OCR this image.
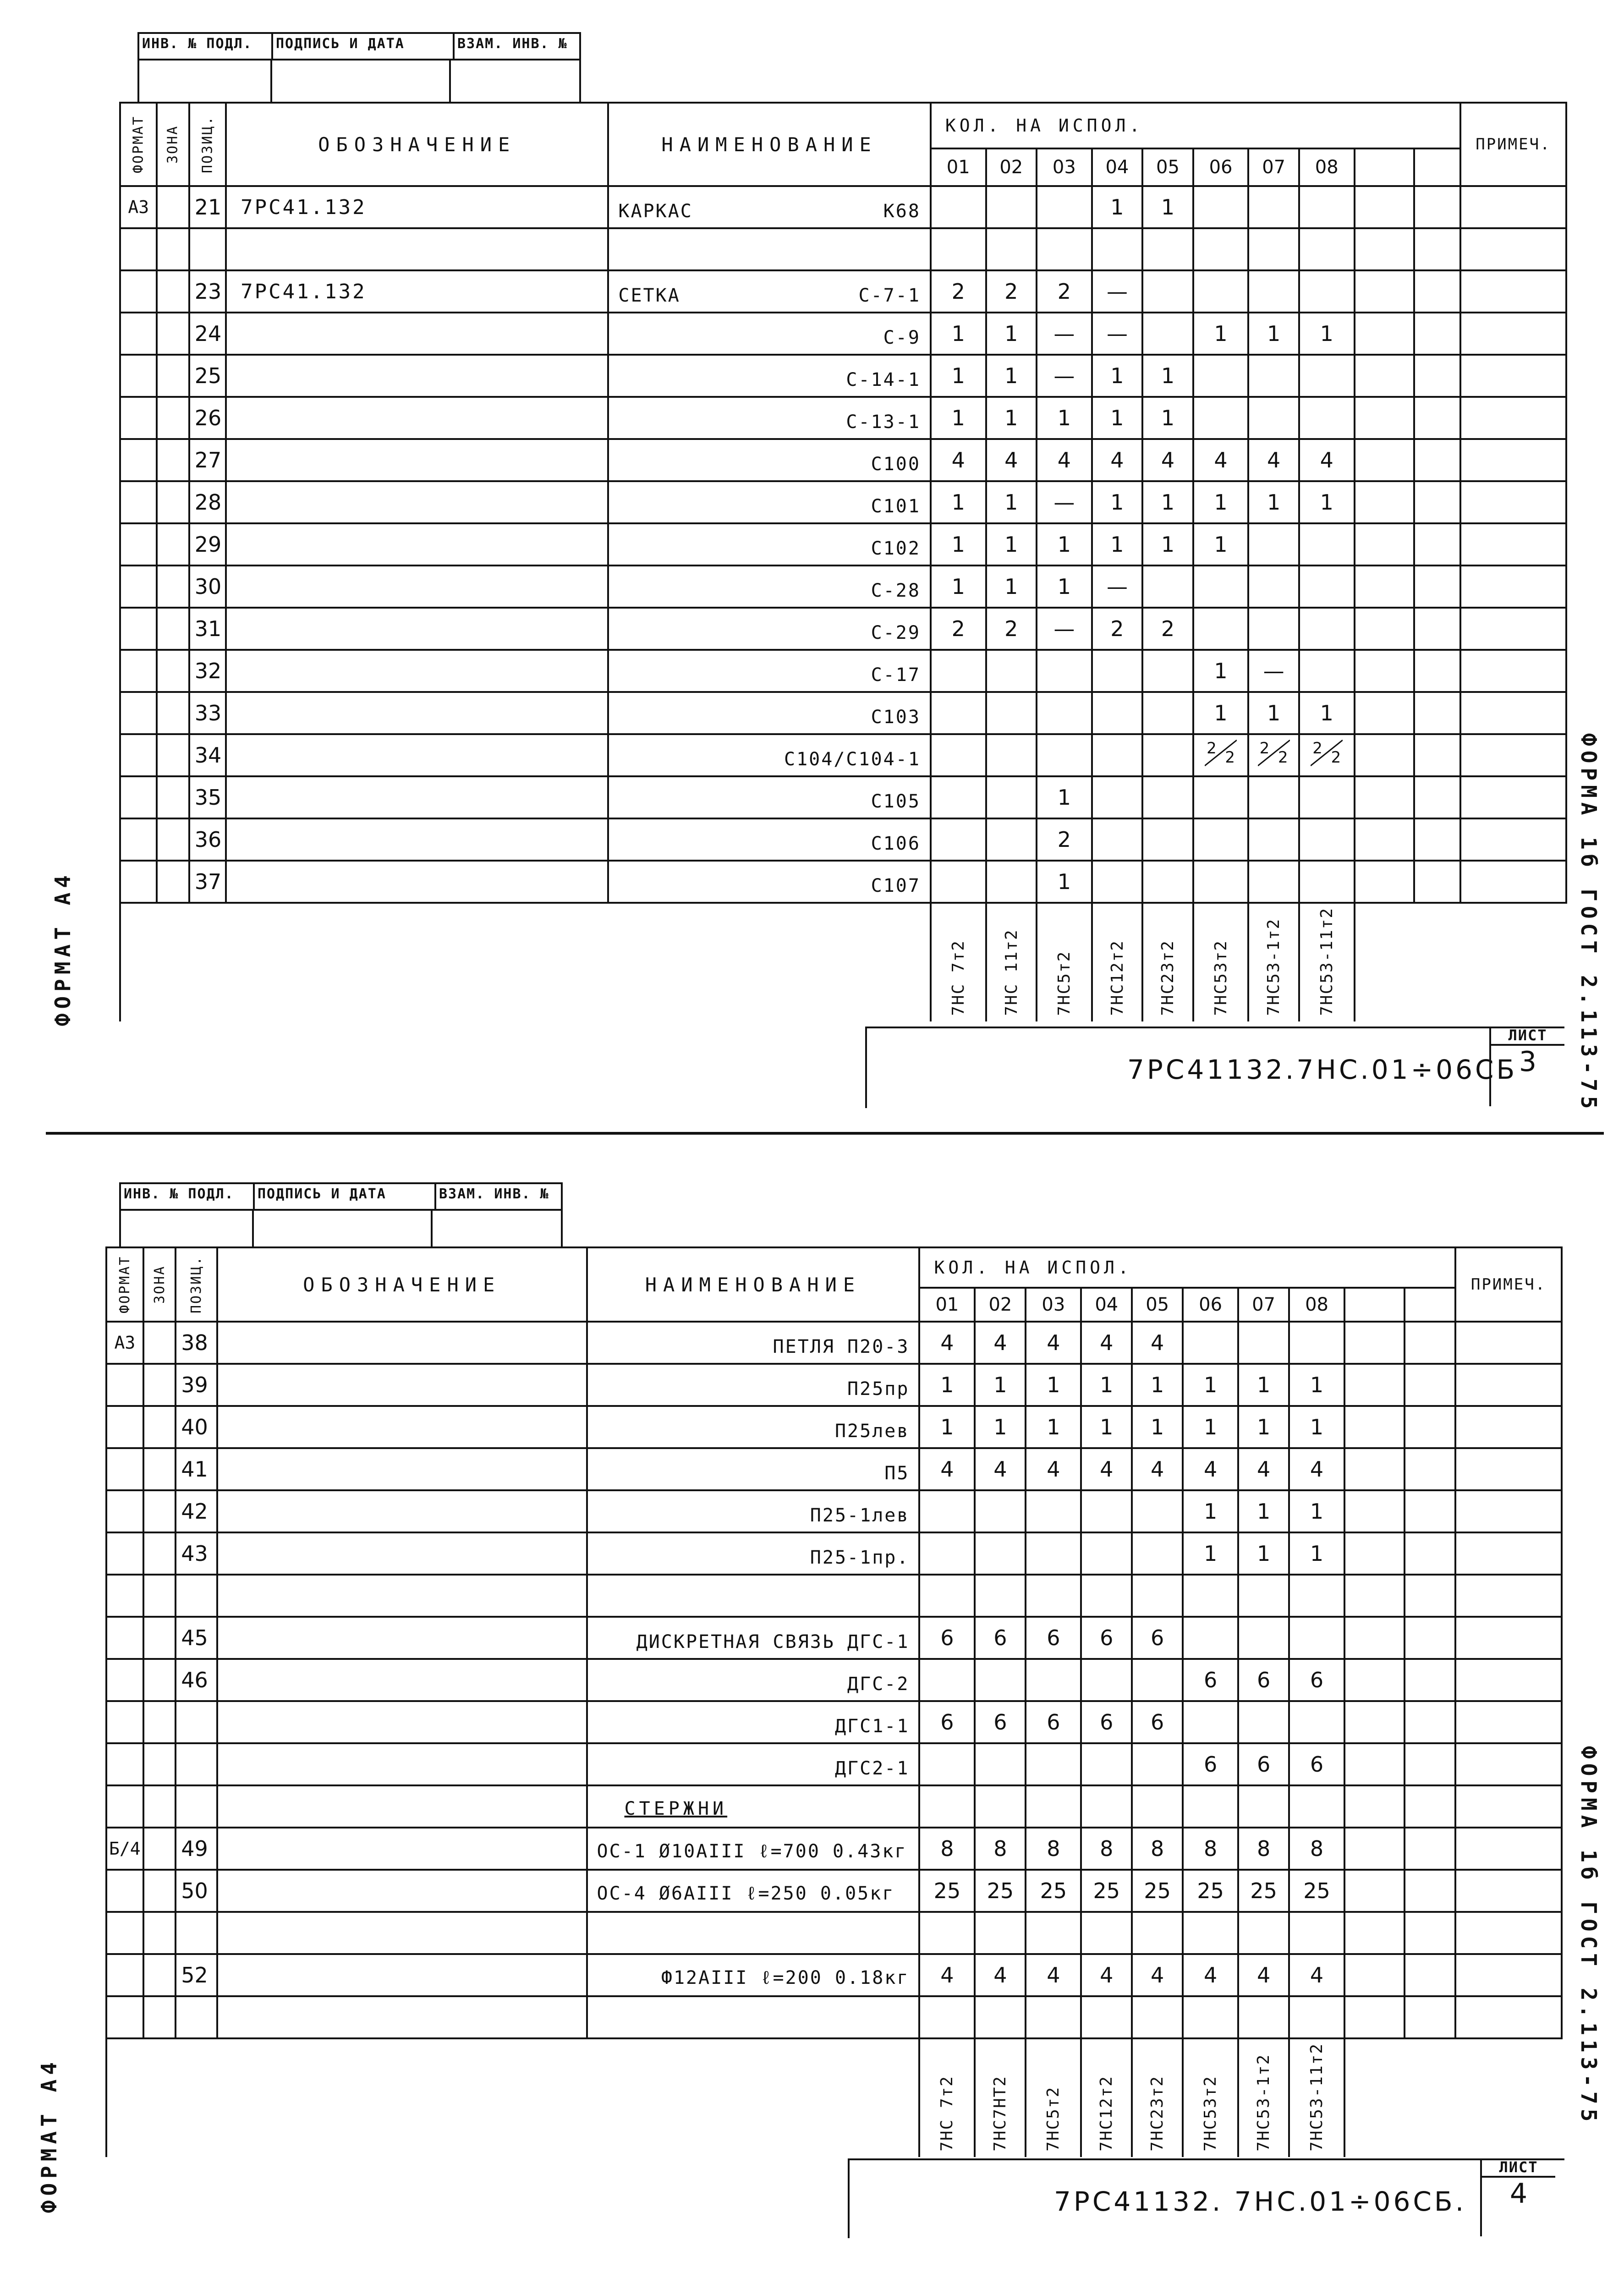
ИНВ. № ПОДЛ.	ПОДПИСЬ И ДАТА	ВЗАМ. ИНВ. №
ФОРМАТ	ЗОНА	ПОЗИЦ.	ОБОЗНАЧЕНИЕ	НАИМЕНОВАНИЕ	КОЛ. НА ИСПОЛ.										ПРИМЕЧ.
					01	02	03	04	05	06	07	08			
А3		21	7РС41.132	КАРКАС К68				1	1						

		23	7РС41.132	СЕТКА С-7-1	2	2	2	—							
		24		С-9	1	1	—	—		1	1	1			
		25		С-14-1	1	1	—	1	1						
		26		С-13-1	1	1	1	1	1						
		27		С100	4	4	4	4	4	4	4	4			
		28		С101	1	1	—	1	1	1	1	1			
		29		С102	1	1	1	1	1	1					
		30		С-28	1	1	1	—							
		31		С-29	2	2	—	2	2						
		32		С-17						1	—				
		33		С103						1	1	1			
		34		С104/С104-1						2 2	2 2	2 2			

		35		С105			1								
		36		С106			2								
		37		С107			1								
					7НС 7т2	7НС 11т2	7НС5т2	7НС12т2	7НС23т2	7НС53т2	7НС53-1т2	7НС53-11т2			
7РС41132.7НС.01÷06СБ
ЛИСТ
3
ФОРМАТ А4	ФОРМА 1б ГОСТ 2.113-75
ИНВ. № ПОДЛ.	ПОДПИСЬ И ДАТА	ВЗАМ. ИНВ. №
ФОРМАТ	ЗОНА	ПОЗИЦ.	ОБОЗНАЧЕНИЕ	НАИМЕНОВАНИЕ	КОЛ. НА ИСПОЛ.										ПРИМЕЧ.
					01	02	03	04	05	06	07	08			
А3		38		ПЕТЛЯ П20-3	4	4	4	4	4						
		39		П25пр	1	1	1	1	1	1	1	1			
		40		П25лев	1	1	1	1	1	1	1	1			
		41		П5	4	4	4	4	4	4	4	4			
		42		П25-1лев						1	1	1			
		43		П25-1пр.						1	1	1			

		45		ДИСКРЕТНАЯ СВЯЗЬ ДГС-1	6	6	6	6	6						
		46		ДГС-2						6	6	6			

				ДГС1-1	6	6	6	6	6						

				ДГС2-1						6	6	6			

				СТЕРЖНИ											

Б/4		49		ОС-1 Ø10АIII ℓ=700 0.43кг	8	8	8	8	8	8	8	8			
		50		ОС-4 Ø6АIII ℓ=250 0.05кг	25	25	25	25	25	25	25	25			

		52		Ф12АIII ℓ=200 0.18кг	4	4	4	4	4	4	4	4			

					7НС 7т2	7НС7НТ2	7НС5т2	7НС12т2	7НС23т2	7НС53т2	7НС53-1т2	7НС53-11т2			
7РС41132. 7НС.01÷06СБ.
ЛИСТ
4
ФОРМАТ А4
ФОРМА 1б ГОСТ 2.113-75
